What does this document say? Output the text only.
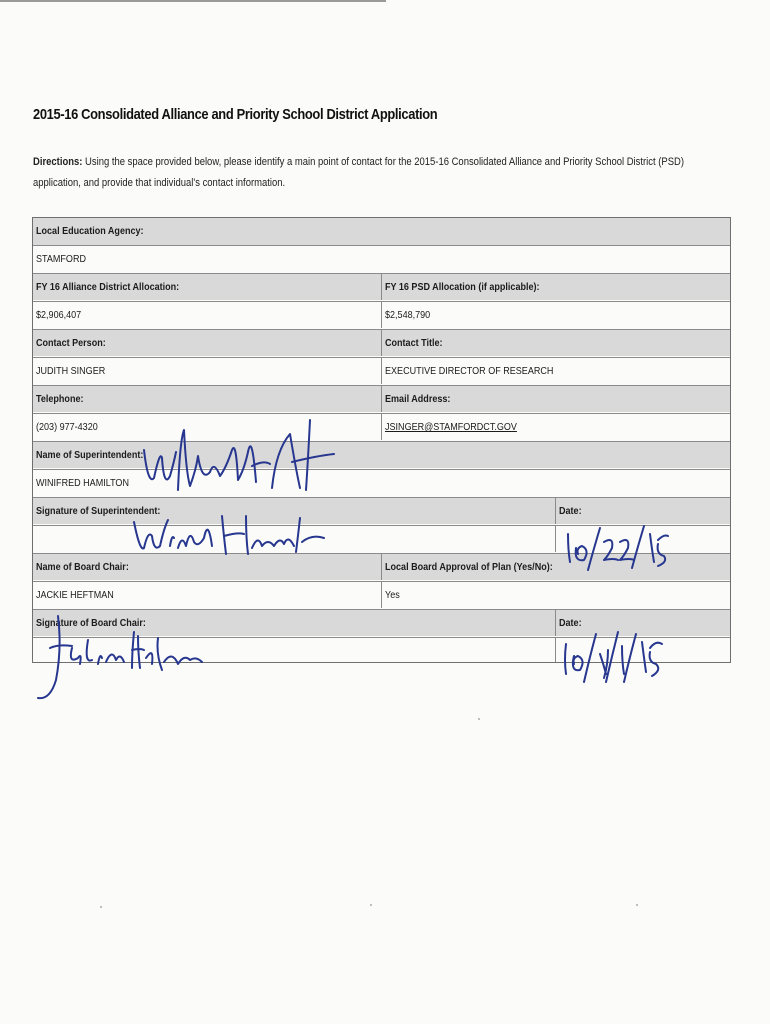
2015-16 Consolidated Alliance and Priority School District Application
Directions: Using the space provided below, please identify a main point of contact for the 2015-16 Consolidated Alliance and Priority School District (PSD) application, and provide that individual's contact information.
Local Education Agency:
STAMFORD
FY 16 Alliance District Allocation:	FY 16 PSD Allocation (if applicable):
$2,906,407	$2,548,790
Contact Person:	Contact Title:
JUDITH SINGER	EXECUTIVE DIRECTOR OF RESEARCH
Telephone:	Email Address:
(203) 977-4320	JSINGER@STAMFORDCT.GOV
Name of Superintendent:
WINIFRED HAMILTON
Signature of Superintendent:	Date:
Name of Board Chair:	Local Board Approval of Plan (Yes/No):
JACKIE HEFTMAN	Yes
Signature of Board Chair:	Date:
